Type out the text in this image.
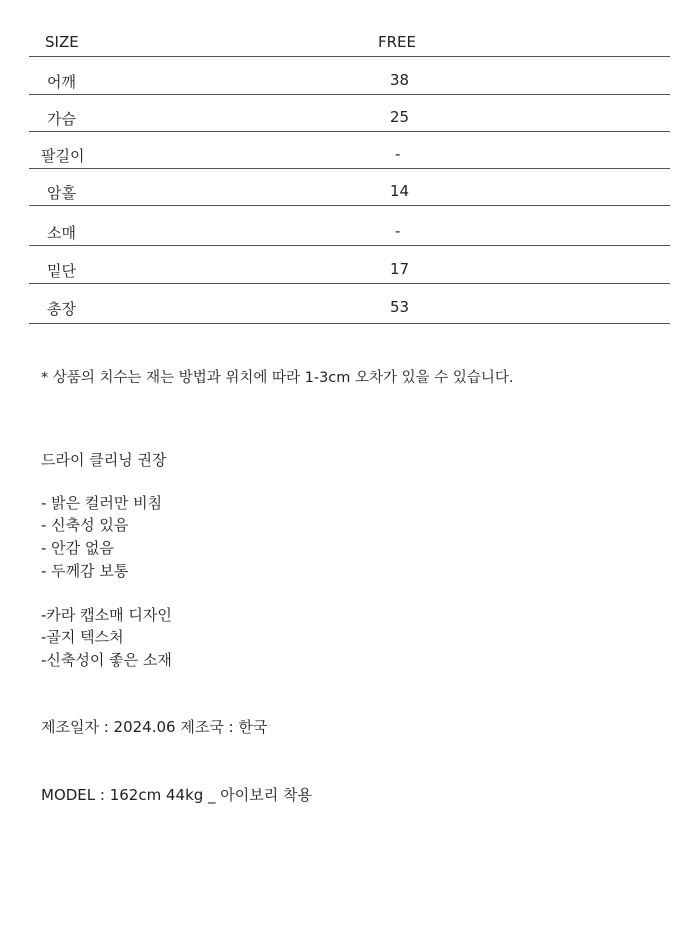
SIZE	FREE
어깨	38
가슴	25
팔길이	-
암홀	14
소매	-
밑단	17
총장	53
* 상품의 치수는 재는 방법과 위치에 따라 1-3cm 오차가 있을 수 있습니다.
드라이 클리닝 권장
- 밝은 컬러만 비침
- 신축성 있음
- 안감 없음
- 두께감 보통
-카라 캡소매 디자인
-골지 텍스처
-신축성이 좋은 소재
제조일자 : 2024.06 제조국 : 한국
MODEL : 162cm 44kg _ 아이보리 착용
